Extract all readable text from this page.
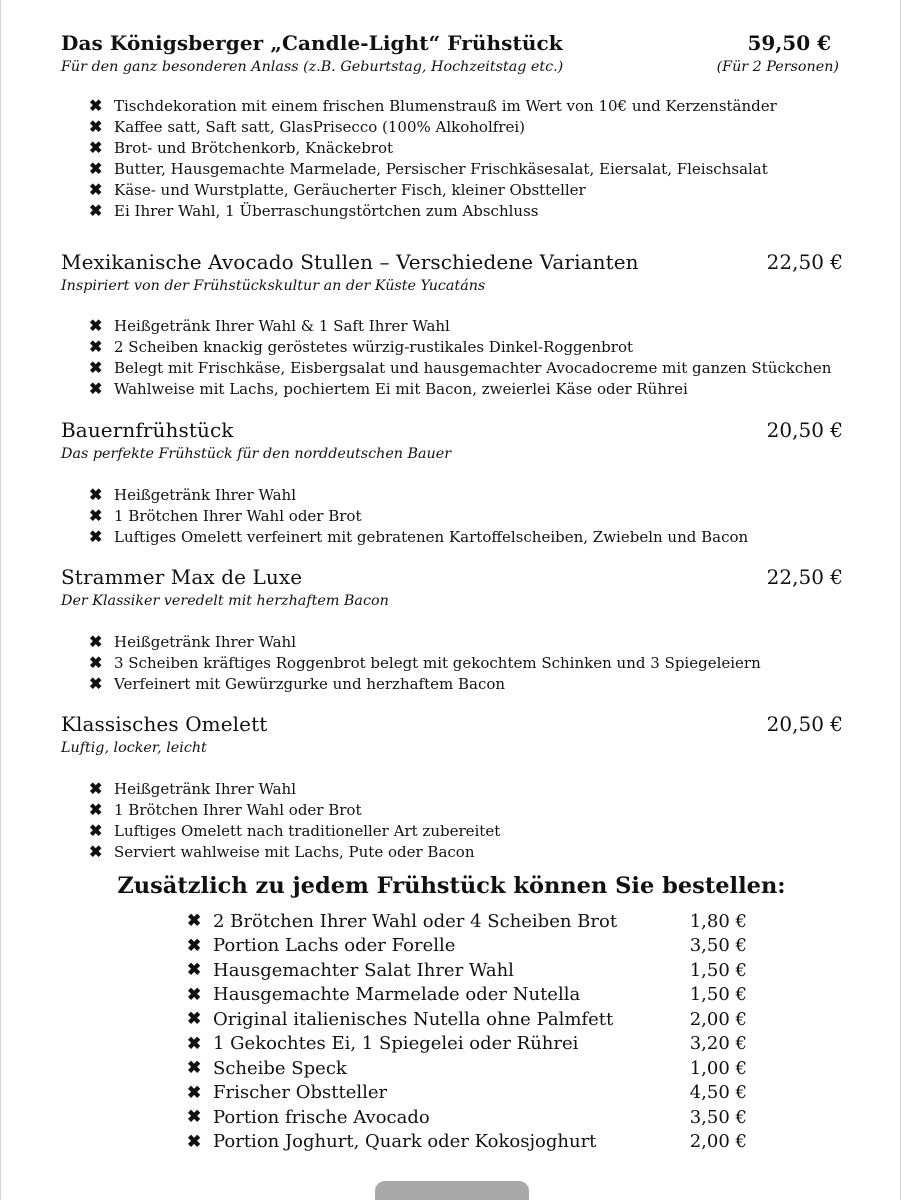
Das Königsberger „Candle-Light“ Frühstück	59,50 €
Für den ganz besonderen Anlass (z.B. Geburtstag, Hochzeitstag etc.)	(Für 2 Personen)
✖ Tischdekoration mit einem frischen Blumenstrauß im Wert von 10€ und Kerzenständer
✖ Kaffee satt, Saft satt, GlasPrisecco (100% Alkoholfrei)
✖ Brot- und Brötchenkorb, Knäckebrot
✖ Butter, Hausgemachte Marmelade, Persischer Frischkäsesalat, Eiersalat, Fleischsalat
✖ Käse- und Wurstplatte, Geräucherter Fisch, kleiner Obstteller
✖ Ei Ihrer Wahl, 1 Überraschungstörtchen zum Abschluss
Mexikanische Avocado Stullen – Verschiedene Varianten	22,50 €
Inspiriert von der Frühstückskultur an der Küste Yucatáns
✖ Heißgetränk Ihrer Wahl & 1 Saft Ihrer Wahl
✖ 2 Scheiben knackig geröstetes würzig-rustikales Dinkel-Roggenbrot
✖ Belegt mit Frischkäse, Eisbergsalat und hausgemachter Avocadocreme mit ganzen Stückchen
✖ Wahlweise mit Lachs, pochiertem Ei mit Bacon, zweierlei Käse oder Rührei
Bauernfrühstück	20,50 €
Das perfekte Frühstück für den norddeutschen Bauer
✖ Heißgetränk Ihrer Wahl
✖ 1 Brötchen Ihrer Wahl oder Brot
✖ Luftiges Omelett verfeinert mit gebratenen Kartoffelscheiben, Zwiebeln und Bacon
Strammer Max de Luxe	22,50 €
Der Klassiker veredelt mit herzhaftem Bacon
✖ Heißgetränk Ihrer Wahl
✖ 3 Scheiben kräftiges Roggenbrot belegt mit gekochtem Schinken und 3 Spiegeleiern
✖ Verfeinert mit Gewürzgurke und herzhaftem Bacon
Klassisches Omelett	20,50 €
Luftig, locker, leicht
✖ Heißgetränk Ihrer Wahl
✖ 1 Brötchen Ihrer Wahl oder Brot
✖ Luftiges Omelett nach traditioneller Art zubereitet
✖ Serviert wahlweise mit Lachs, Pute oder Bacon
Zusätzlich zu jedem Frühstück können Sie bestellen:
✖ 2 Brötchen Ihrer Wahl oder 4 Scheiben Brot	1,80 €
✖ Portion Lachs oder Forelle	3,50 €
✖ Hausgemachter Salat Ihrer Wahl	1,50 €
✖ Hausgemachte Marmelade oder Nutella	1,50 €
✖ Original italienisches Nutella ohne Palmfett	2,00 €
✖ 1 Gekochtes Ei, 1 Spiegelei oder Rührei	3,20 €
✖ Scheibe Speck	1,00 €
✖ Frischer Obstteller	4,50 €
✖ Portion frische Avocado	3,50 €
✖ Portion Joghurt, Quark oder Kokosjoghurt	2,00 €
